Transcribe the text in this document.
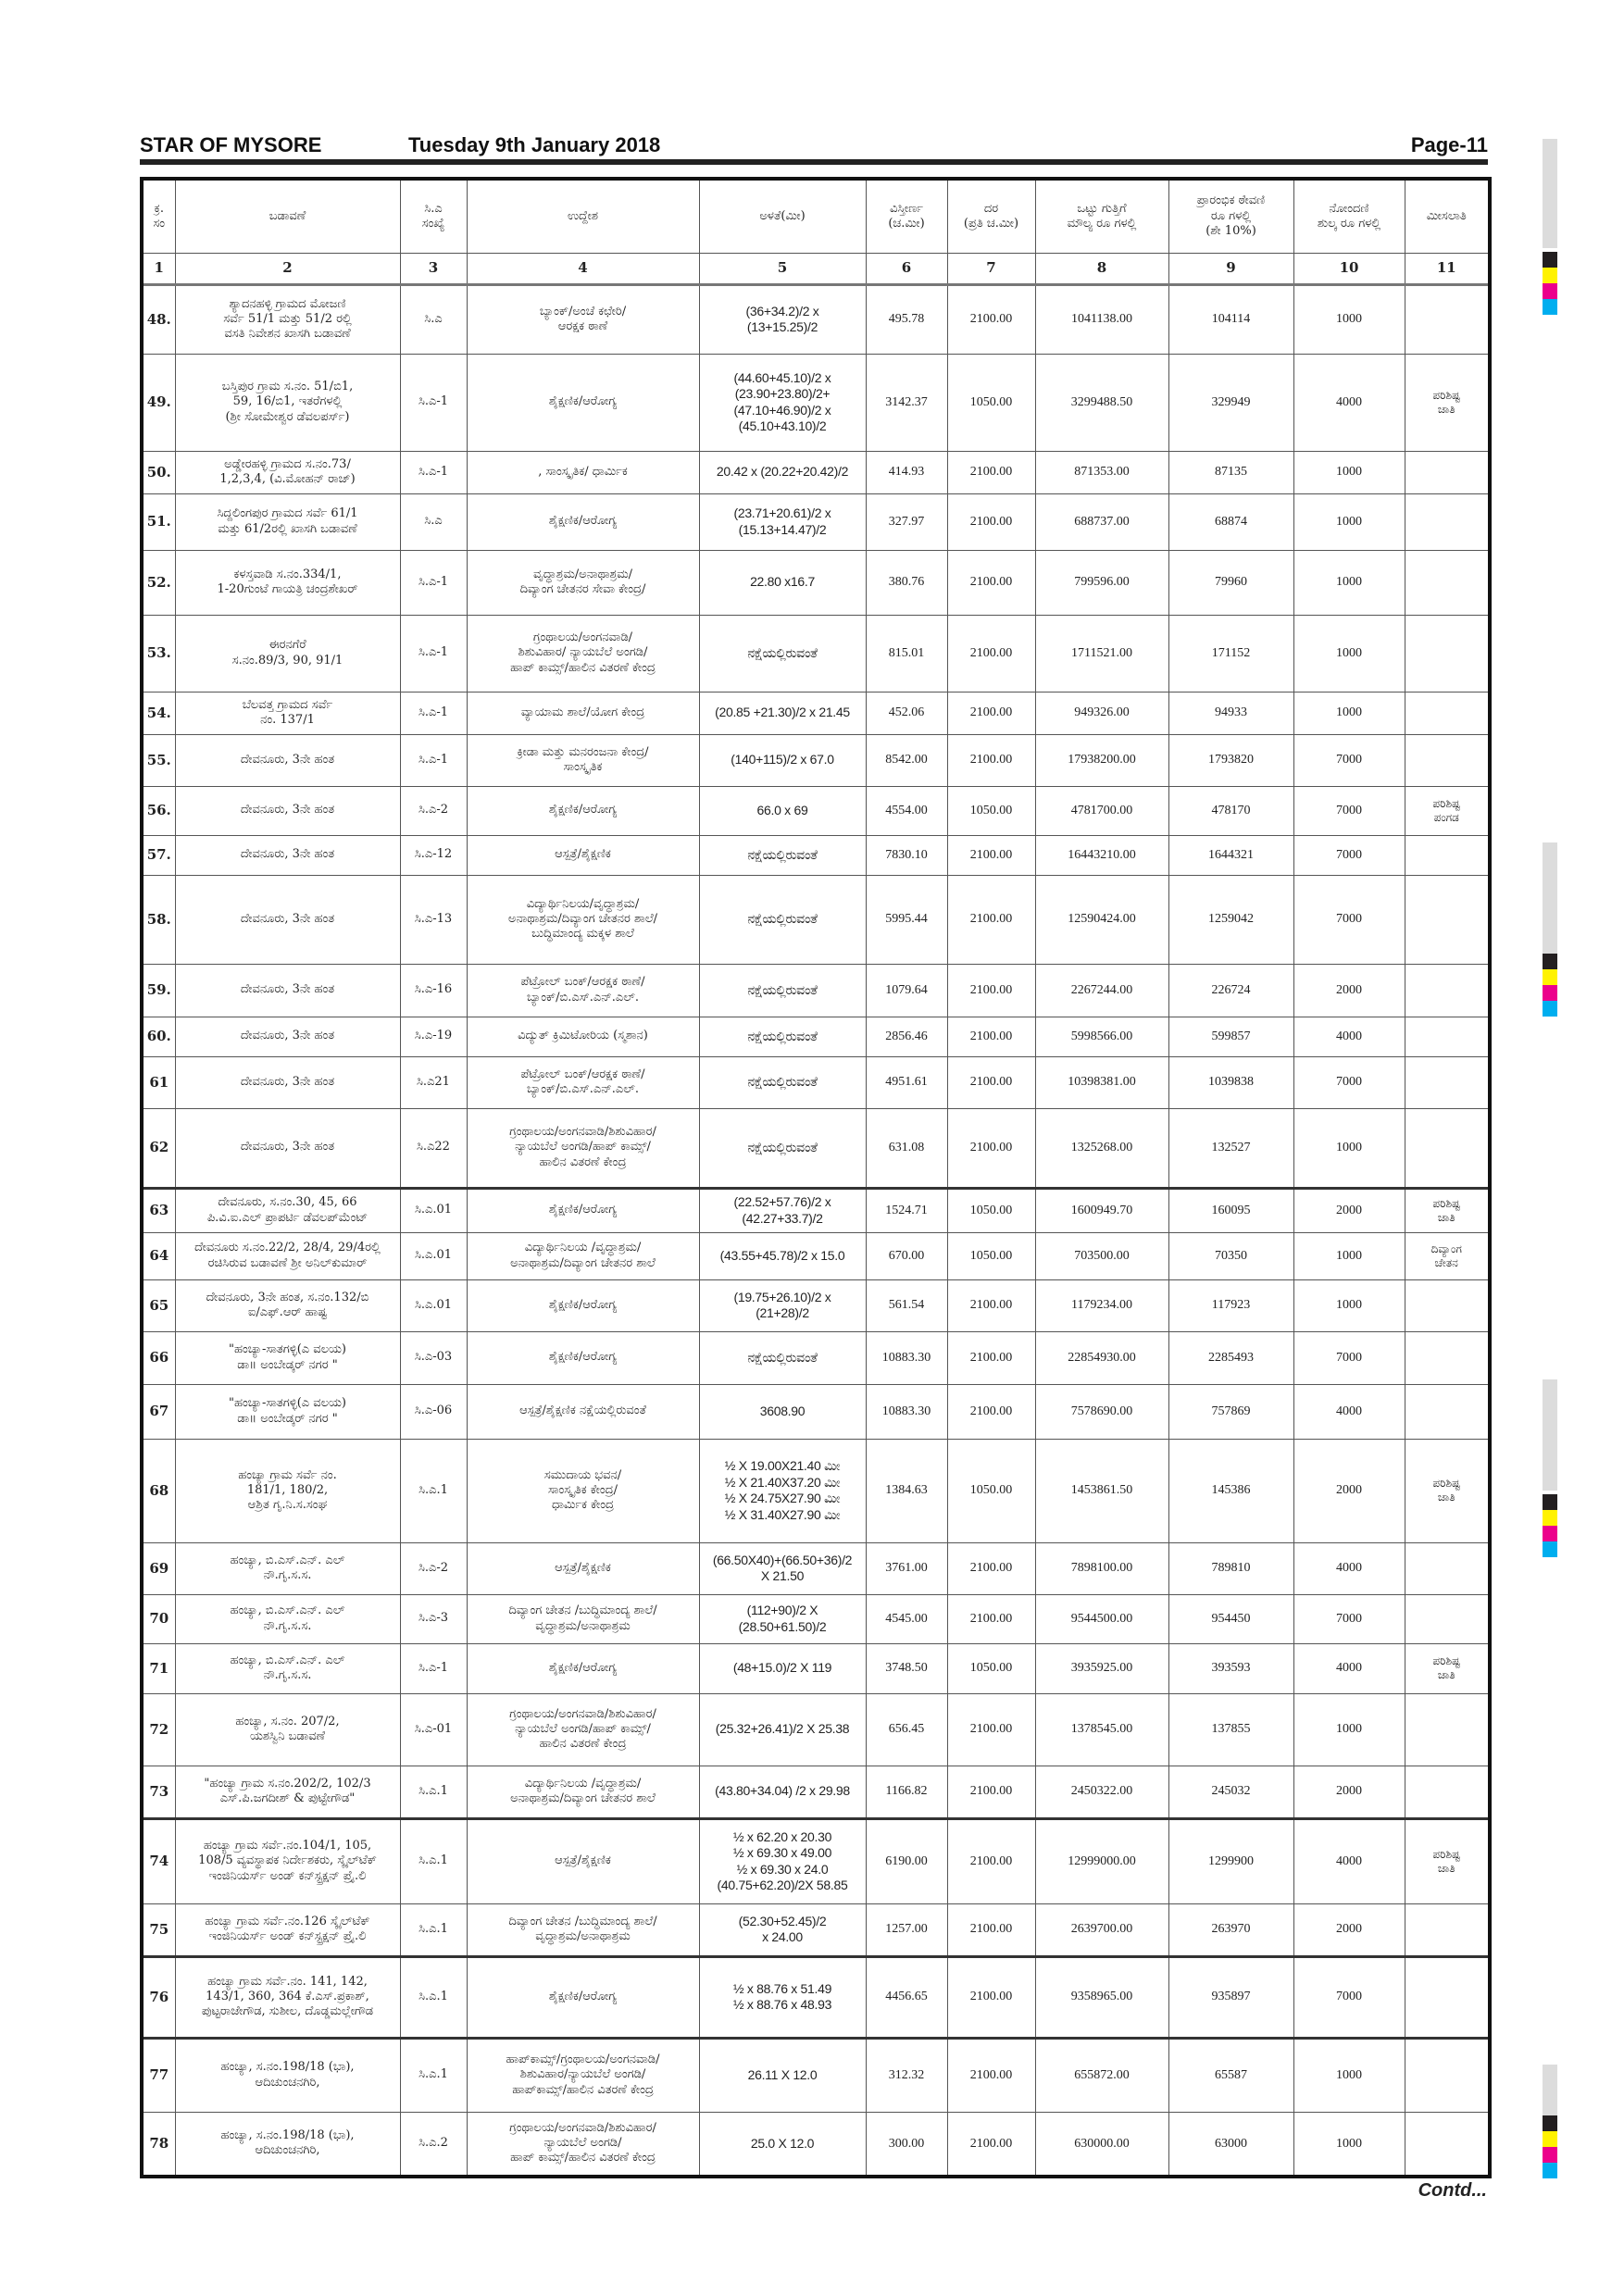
STAR OF MYSORE	Tuesday 9th January 2018	Page-11
ಕ್ರ.
ಸಂ	ಬಡಾವಣೆ	ಸಿ.ಎ
ಸಂಖ್ಯೆ	ಉದ್ದೇಶ	ಅಳತೆ(ಮೀ)	ವಿಸ್ತೀರ್ಣ
(ಚ.ಮೀ)	ದರ
(ಪ್ರತಿ ಚ.ಮೀ)	ಒಟ್ಟು ಗುತ್ತಿಗೆ
ಮೌಲ್ಯ ರೂ ಗಳಲ್ಲಿ	ಪ್ರಾರಂಭಿಕ ಠೇವಣಿ
ರೂ ಗಳಲ್ಲಿ
(ಶೇ 10%)	ನೋಂದಣಿ
ಶುಲ್ಕ ರೂ ಗಳಲ್ಲಿ	ಮೀಸಲಾತಿ
1	2	3	4	5	6	7	8	9	10	11
48.	ಶ್ಯಾದನಹಳ್ಳಿ ಗ್ರಾಮದ ಮೋಜಣಿ
ಸರ್ವೆ 51/1 ಮತ್ತು 51/2 ರಲ್ಲಿ
ವಸತಿ ನಿವೇಶನ ಖಾಸಗಿ ಬಡಾವಣೆ	ಸಿ.ಎ	ಬ್ಯಾಂಕ್/ಅಂಚೆ ಕಛೇರಿ/
ಆರಕ್ಷಕ ಠಾಣೆ	(36+34.2)/2 x
(13+15.25)/2	495.78	2100.00	1041138.00	104114	1000	
49.	ಬಸ್ತಿಪುರ ಗ್ರಾಮ ಸ.ನಂ. 51/ಬಿ1,
59, 16/ಬಿ1, ಇತರೆಗಳಲ್ಲಿ
(ಶ್ರೀ ಸೋಮೇಶ್ವರ ಡೆವಲಪರ್ಸ್)	ಸಿ.ಎ-1	ಶೈಕ್ಷಣಿಕ/ಆರೋಗ್ಯ	(44.60+45.10)/2 x
(23.90+23.80)/2+
(47.10+46.90)/2 x
(45.10+43.10)/2	3142.37	1050.00	3299488.50	329949	4000	ಪರಿಶಿಷ್ಟ
ಜಾತಿ
50.	ಅಡ್ಡೇರಹಳ್ಳಿ ಗ್ರಾಮದ ಸ.ನಂ.73/
1,2,3,4, (ವಿ.ಮೋಹನ್ ರಾಜ್)	ಸಿ.ಎ-1	, ಸಾಂಸ್ಕೃತಿಕ/ ಧಾರ್ಮಿಕ	20.42 x (20.22+20.42)/2	414.93	2100.00	871353.00	87135	1000	
51.	ಸಿದ್ದಲಿಂಗಪುರ ಗ್ರಾಮದ ಸರ್ವೆ 61/1
ಮತ್ತು 61/2ರಲ್ಲಿ ಖಾಸಗಿ ಬಡಾವಣೆ	ಸಿ.ಎ	ಶೈಕ್ಷಣಿಕ/ಆರೋಗ್ಯ	(23.71+20.61)/2 x
(15.13+14.47)/2	327.97	2100.00	688737.00	68874	1000	
52.	ಕಳಸ್ತವಾಡಿ ಸ.ನಂ.334/1,
1-20ಗುಂಟೆ ಗಾಯತ್ರಿ ಚಂದ್ರಶೇಖರ್	ಸಿ.ಎ-1	ವೃದ್ಧಾಶ್ರಮ/ಅನಾಥಾಶ್ರಮ/
ದಿವ್ಯಾಂಗ ಚೇತನರ ಸೇವಾ ಕೇಂದ್ರ/	22.80 x16.7	380.76	2100.00	799596.00	79960	1000	
53.	ಈರನಗೆರೆ
ಸ.ನಂ.89/3, 90, 91/1	ಸಿ.ಎ-1	ಗ್ರಂಥಾಲಯ/ಅಂಗನವಾಡಿ/
ಶಿಶುವಿಹಾರ/ ನ್ಯಾಯಬೆಲೆ ಅಂಗಡಿ/
ಹಾಪ್ ಕಾಮ್ಸ್/ಹಾಲಿನ ವಿತರಣೆ ಕೇಂದ್ರ	ನಕ್ಷೆಯಲ್ಲಿರುವಂತೆ	815.01	2100.00	1711521.00	171152	1000	
54.	ಬೆಲವತ್ತ ಗ್ರಾಮದ ಸರ್ವೆ
ನಂ. 137/1	ಸಿ.ಎ-1	ವ್ಯಾಯಾಮ ಶಾಲೆ/ಯೋಗ ಕೇಂದ್ರ	(20.85 +21.30)/2 x 21.45	452.06	2100.00	949326.00	94933	1000	
55.	ದೇವನೂರು, 3ನೇ ಹಂತ	ಸಿ.ಎ-1	ಕ್ರೀಡಾ ಮತ್ತು ಮನರಂಜನಾ ಕೇಂದ್ರ/
ಸಾಂಸ್ಕೃತಿಕ	(140+115)/2 x 67.0	8542.00	2100.00	17938200.00	1793820	7000	
56.	ದೇವನೂರು, 3ನೇ ಹಂತ	ಸಿ.ಎ-2	ಶೈಕ್ಷಣಿಕ/ಆರೋಗ್ಯ	66.0 x 69	4554.00	1050.00	4781700.00	478170	7000	ಪರಿಶಿಷ್ಟ
ಪಂಗಡ
57.	ದೇವನೂರು, 3ನೇ ಹಂತ	ಸಿ.ಎ-12	ಆಸ್ಪತ್ರೆ/ಶೈಕ್ಷಣಿಕ	ನಕ್ಷೆಯಲ್ಲಿರುವಂತೆ	7830.10	2100.00	16443210.00	1644321	7000	
58.	ದೇವನೂರು, 3ನೇ ಹಂತ	ಸಿ.ಎ-13	ವಿದ್ಯಾರ್ಥಿನಿಲಯ/ವೃದ್ಧಾಶ್ರಮ/
ಅನಾಥಾಶ್ರಮ/ದಿವ್ಯಾಂಗ ಚೇತನರ ಶಾಲೆ/
ಬುದ್ಧಿಮಾಂದ್ಯ ಮಕ್ಕಳ ಶಾಲೆ	ನಕ್ಷೆಯಲ್ಲಿರುವಂತೆ	5995.44	2100.00	12590424.00	1259042	7000	
59.	ದೇವನೂರು, 3ನೇ ಹಂತ	ಸಿ.ಎ-16	ಪೆಟ್ರೋಲ್ ಬಂಕ್/ಆರಕ್ಷಕ ಠಾಣೆ/
ಬ್ಯಾಂಕ್/ಬಿ.ಎಸ್.ಎನ್.ಎಲ್.	ನಕ್ಷೆಯಲ್ಲಿರುವಂತೆ	1079.64	2100.00	2267244.00	226724	2000	
60.	ದೇವನೂರು, 3ನೇ ಹಂತ	ಸಿ.ಎ-19	ವಿದ್ಯುತ್ ಕ್ರಿಮಿಟೋರಿಯ (ಸ್ಮಶಾನ)	ನಕ್ಷೆಯಲ್ಲಿರುವಂತೆ	2856.46	2100.00	5998566.00	599857	4000	
61	ದೇವನೂರು, 3ನೇ ಹಂತ	ಸಿ.ಎ21	ಪೆಟ್ರೋಲ್ ಬಂಕ್/ಆರಕ್ಷಕ ಠಾಣೆ/
ಬ್ಯಾಂಕ್/ಬಿ.ಎಸ್.ಎನ್.ಎಲ್.	ನಕ್ಷೆಯಲ್ಲಿರುವಂತೆ	4951.61	2100.00	10398381.00	1039838	7000	
62	ದೇವನೂರು, 3ನೇ ಹಂತ	ಸಿ.ಎ22	ಗ್ರಂಥಾಲಯ/ಅಂಗನವಾಡಿ/ಶಿಶುವಿಹಾರ/
ನ್ಯಾಯಬೆಲೆ ಅಂಗಡಿ/ಹಾಪ್ ಕಾಮ್ಸ್/
ಹಾಲಿನ ವಿತರಣೆ ಕೇಂದ್ರ	ನಕ್ಷೆಯಲ್ಲಿರುವಂತೆ	631.08	2100.00	1325268.00	132527	1000	
63	ದೇವನೂರು, ಸ.ನಂ.30, 45, 66
ಪಿ.ವಿ.ಐ.ಎಲ್ ಪ್ರಾಪರ್ಟಿ ಡೆವಲಪ್‌ಮೆಂಟ್	ಸಿ.ಎ.01	ಶೈಕ್ಷಣಿಕ/ಆರೋಗ್ಯ	(22.52+57.76)/2 x
(42.27+33.7)/2	1524.71	1050.00	1600949.70	160095	2000	ಪರಿಶಿಷ್ಟ
ಜಾತಿ
64	ದೇವನೂರು ಸ.ನಂ.22/2, 28/4, 29/4ರಲ್ಲಿ
ರಚಿಸಿರುವ ಬಡಾವಣೆ ಶ್ರೀ ಅನಿಲ್‌ಕುಮಾರ್	ಸಿ.ಎ.01	ವಿದ್ಯಾರ್ಥಿನಿಲಯ /ವೃದ್ಧಾಶ್ರಮ/
ಅನಾಥಾಶ್ರಮ/ದಿವ್ಯಾಂಗ ಚೇತನರ ಶಾಲೆ	(43.55+45.78)/2 x 15.0	670.00	1050.00	703500.00	70350	1000	ದಿವ್ಯಾಂಗ
ಚೇತನ
65	ದೇವನೂರು, 3ನೇ ಹಂತ, ಸ.ನಂ.132/ಬಿ
ಐ/ಎಫ್.ಆರ್ ಹಾಷ್ಟ	ಸಿ.ಎ.01	ಶೈಕ್ಷಣಿಕ/ಆರೋಗ್ಯ	(19.75+26.10)/2 x
(21+28)/2	561.54	2100.00	1179234.00	117923	1000	
66	"ಹಂಚ್ಯಾ-ಸಾತಗಳ್ಳಿ(ಎ ವಲಯ)
ಡಾ॥ ಅಂಬೇಡ್ಕರ್ ನಗರ "	ಸಿ.ಎ-03	ಶೈಕ್ಷಣಿಕ/ಆರೋಗ್ಯ	ನಕ್ಷೆಯಲ್ಲಿರುವಂತೆ	10883.30	2100.00	22854930.00	2285493	7000	
67	"ಹಂಚ್ಯಾ-ಸಾತಗಳ್ಳಿ(ಎ ವಲಯ)
ಡಾ॥ ಅಂಬೇಡ್ಕರ್ ನಗರ "	ಸಿ.ಎ-06	ಆಸ್ಪತ್ರೆ/ಶೈಕ್ಷಣಿಕ ನಕ್ಷೆಯಲ್ಲಿರುವಂತೆ	3608.90	10883.30	2100.00	7578690.00	757869	4000	
68	ಹಂಚ್ಯಾ ಗ್ರಾಮ ಸರ್ವೆ ನಂ.
181/1, 180/2,
ಆಶ್ರಿತ ಗೃ.ನಿ.ಸ.ಸಂಘ	ಸಿ.ಎ.1	ಸಮುದಾಯ ಭವನ/
ಸಾಂಸ್ಕೃತಿಕ ಕೇಂದ್ರ/
ಧಾರ್ಮಿಕ ಕೇಂದ್ರ	½ X 19.00X21.40 ಮೀ
½ X 21.40X37.20 ಮೀ
½ X 24.75X27.90 ಮೀ
½ X 31.40X27.90 ಮೀ	1384.63	1050.00	1453861.50	145386	2000	ಪರಿಶಿಷ್ಟ
ಜಾತಿ
69	ಹಂಚ್ಯಾ, ಬಿ.ಎಸ್.ಎನ್. ಎಲ್
ನೌ.ಗೃ.ಸ.ಸ.	ಸಿ.ಎ-2	ಆಸ್ಪತ್ರೆ/ಶೈಕ್ಷಣಿಕ	(66.50X40)+(66.50+36)/2
X 21.50	3761.00	2100.00	7898100.00	789810	4000	
70	ಹಂಚ್ಯಾ, ಬಿ.ಎಸ್.ಎನ್. ಎಲ್
ನೌ.ಗೃ.ಸ.ಸ.	ಸಿ.ಎ-3	ದಿವ್ಯಾಂಗ ಚೇತನ /ಬುದ್ಧಿಮಾಂದ್ಯ ಶಾಲೆ/
ವೃದ್ಧಾಶ್ರಮ/ಅನಾಥಾಶ್ರಮ	(112+90)/2 X
(28.50+61.50)/2	4545.00	2100.00	9544500.00	954450	7000	
71	ಹಂಚ್ಯಾ, ಬಿ.ಎಸ್.ಎನ್. ಎಲ್
ನೌ.ಗೃ.ಸ.ಸ.	ಸಿ.ಎ-1	ಶೈಕ್ಷಣಿಕ/ಆರೋಗ್ಯ	(48+15.0)/2 X 119	3748.50	1050.00	3935925.00	393593	4000	ಪರಿಶಿಷ್ಟ
ಜಾತಿ
72	ಹಂಚ್ಯಾ, ಸ.ನಂ. 207/2,
ಯಶಸ್ವಿನಿ ಬಡಾವಣೆ	ಸಿ.ಎ-01	ಗ್ರಂಥಾಲಯ/ಅಂಗನವಾಡಿ/ಶಿಶುವಿಹಾರ/
ನ್ಯಾಯಬೆಲೆ ಅಂಗಡಿ/ಹಾಪ್ ಕಾಮ್ಸ್/
ಹಾಲಿನ ವಿತರಣೆ ಕೇಂದ್ರ	(25.32+26.41)/2 X 25.38	656.45	2100.00	1378545.00	137855	1000	
73	"ಹಂಚ್ಯಾ ಗ್ರಾಮ ಸ.ನಂ.202/2, 102/3
ಎಸ್.ಪಿ.ಜಗದೀಶ್ & ಪುಟ್ಟೇಗೌಡ"	ಸಿ.ಎ.1	ವಿದ್ಯಾರ್ಥಿನಿಲಯ /ವೃದ್ಧಾಶ್ರಮ/
ಅನಾಥಾಶ್ರಮ/ದಿವ್ಯಾಂಗ ಚೇತನರ ಶಾಲೆ	(43.80+34.04) /2 x 29.98	1166.82	2100.00	2450322.00	245032	2000	
74	ಹಂಚ್ಯಾ ಗ್ರಾಮ ಸರ್ವೆ.ನಂ.104/1, 105,
108/5 ವ್ಯವಸ್ಥಾಪಕ ನಿರ್ದೇಶಕರು, ಸ್ಕೈಲ್‌ಟೆಕ್
ಇಂಜಿನಿಯರ್ಸ್ ಅಂಡ್ ಕನ್‌ಸ್ಟ್ರಕ್ಷನ್ ಪ್ರೈ.ಲಿ	ಸಿ.ಎ.1	ಆಸ್ಪತ್ರೆ/ಶೈಕ್ಷಣಿಕ	½ x 62.20 x 20.30
½ x 69.30 x 49.00
½ x 69.30 x 24.0
(40.75+62.20)/2X 58.85	6190.00	2100.00	12999000.00	1299900	4000	ಪರಿಶಿಷ್ಟ
ಜಾತಿ
75	ಹಂಚ್ಯಾ ಗ್ರಾಮ ಸರ್ವೆ.ನಂ.126 ಸ್ಕೈಲ್‌ಟೆಕ್
ಇಂಜಿನಿಯರ್ಸ್ ಅಂಡ್ ಕನ್‌ಸ್ಟ್ರಕ್ಷನ್ ಪ್ರೈ.ಲಿ	ಸಿ.ಎ.1	ದಿವ್ಯಾಂಗ ಚೇತನ /ಬುದ್ಧಿಮಾಂದ್ಯ ಶಾಲೆ/
ವೃದ್ಧಾಶ್ರಮ/ಅನಾಥಾಶ್ರಮ	(52.30+52.45)/2
x 24.00	1257.00	2100.00	2639700.00	263970	2000	
76	ಹಂಚ್ಯಾ ಗ್ರಾಮ ಸರ್ವೆ.ನಂ. 141, 142,
143/1, 360, 364 ಕೆ.ಎಸ್.ಪ್ರಕಾಶ್,
ಪುಟ್ಟರಾಜೇಗೌಡ, ಸುಶೀಲ, ದೊಡ್ಡಮಲ್ಲೇಗೌಡ	ಸಿ.ಎ.1	ಶೈಕ್ಷಣಿಕ/ಆರೋಗ್ಯ	½ x 88.76 x 51.49
½ x 88.76 x 48.93	4456.65	2100.00	9358965.00	935897	7000	
77	ಹಂಚ್ಯಾ, ಸ.ನಂ.198/18 (ಭಾ),
ಆದಿಚುಂಚನಗಿರಿ,	ಸಿ.ಎ.1	ಹಾಪ್‌ಕಾಮ್ಸ್/ಗ್ರಂಥಾಲಯ/ಅಂಗನವಾಡಿ/
ಶಿಶುವಿಹಾರ/ನ್ಯಾಯಬೆಲೆ ಅಂಗಡಿ/
ಹಾಪ್‌ಕಾಮ್ಸ್/ಹಾಲಿನ ವಿತರಣೆ ಕೇಂದ್ರ	26.11 X 12.0	312.32	2100.00	655872.00	65587	1000	
78	ಹಂಚ್ಯಾ, ಸ.ನಂ.198/18 (ಭಾ),
ಆದಿಚುಂಚನಗಿರಿ,	ಸಿ.ಎ.2	ಗ್ರಂಥಾಲಯ/ಅಂಗನವಾಡಿ/ಶಿಶುವಿಹಾರ/
ನ್ಯಾಯಬೆಲೆ ಅಂಗಡಿ/
ಹಾಪ್ ಕಾಮ್ಸ್/ಹಾಲಿನ ವಿತರಣೆ ಕೇಂದ್ರ	25.0 X 12.0	300.00	2100.00	630000.00	63000	1000	
Contd...
